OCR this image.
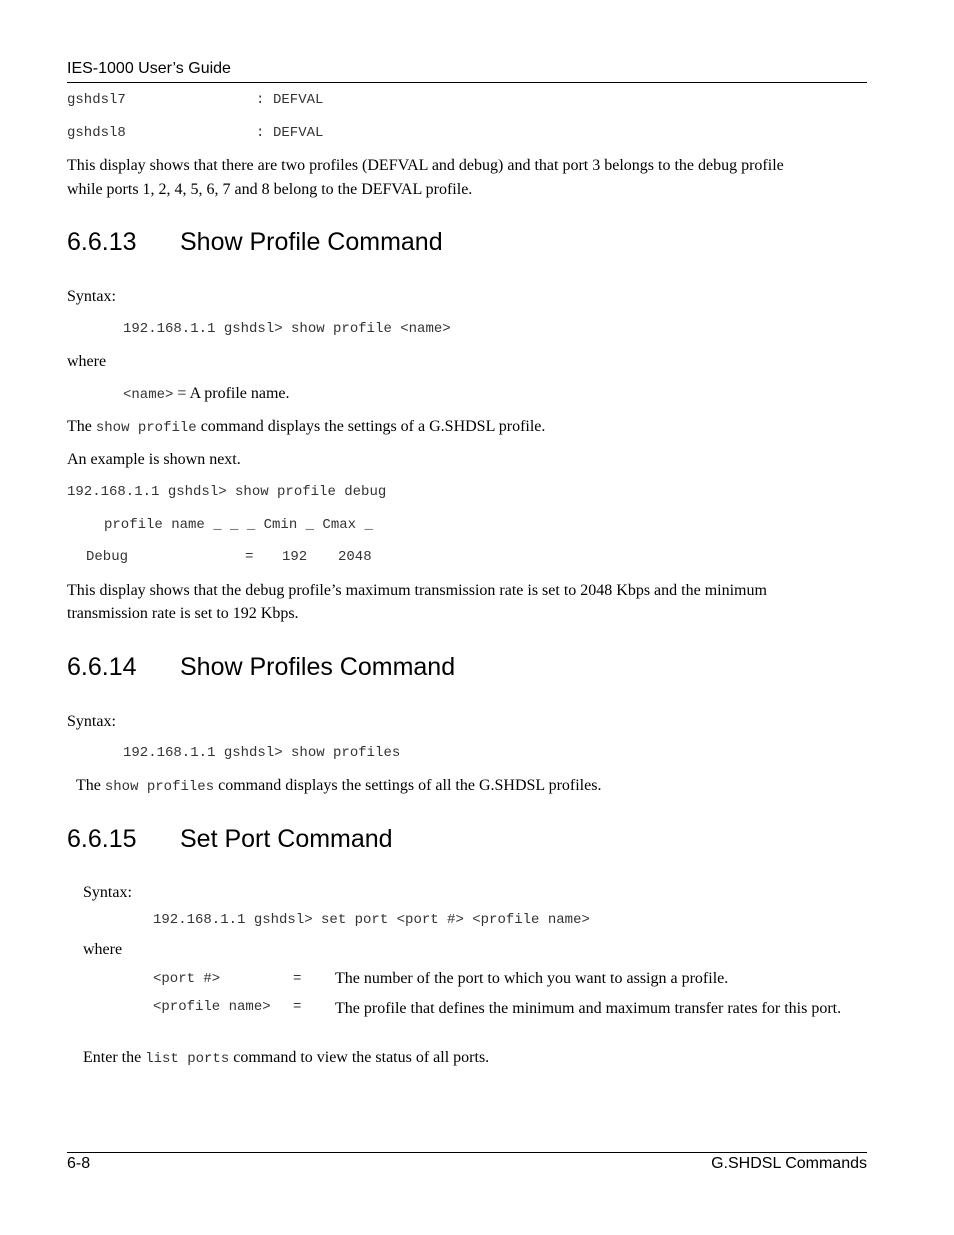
IES-1000 User’s Guide
gshdsl7	: DEFVAL
gshdsl8	: DEFVAL
This display shows that there are two profiles (DEFVAL and debug) and that port 3 belongs to the debug profile
while ports 1, 2, 4, 5, 6, 7 and 8 belong to the DEFVAL profile.
6.6.13 Show Profile Command
Syntax:
192.168.1.1 gshdsl> show profile <name>
where
<name> = A profile name.
The show profile command displays the settings of a G.SHDSL profile.
An example is shown next.
192.168.1.1 gshdsl> show profile debug
profile name _ _ _ Cmin _ Cmax _
Debug	= 192 2048
This display shows that the debug profile’s maximum transmission rate is set to 2048 Kbps and the minimum
transmission rate is set to 192 Kbps.
6.6.14 Show Profiles Command
Syntax:
192.168.1.1 gshdsl> show profiles
The show profiles command displays the settings of all the G.SHDSL profiles.
6.6.15 Set Port Command
Syntax:
192.168.1.1 gshdsl> set port <port #> <profile name>
where
<port #>	= The number of the port to which you want to assign a profile.
<profile name> = The profile that defines the minimum and maximum transfer rates for this port.
Enter the list ports command to view the status of all ports.
6-8	G.SHDSL Commands
